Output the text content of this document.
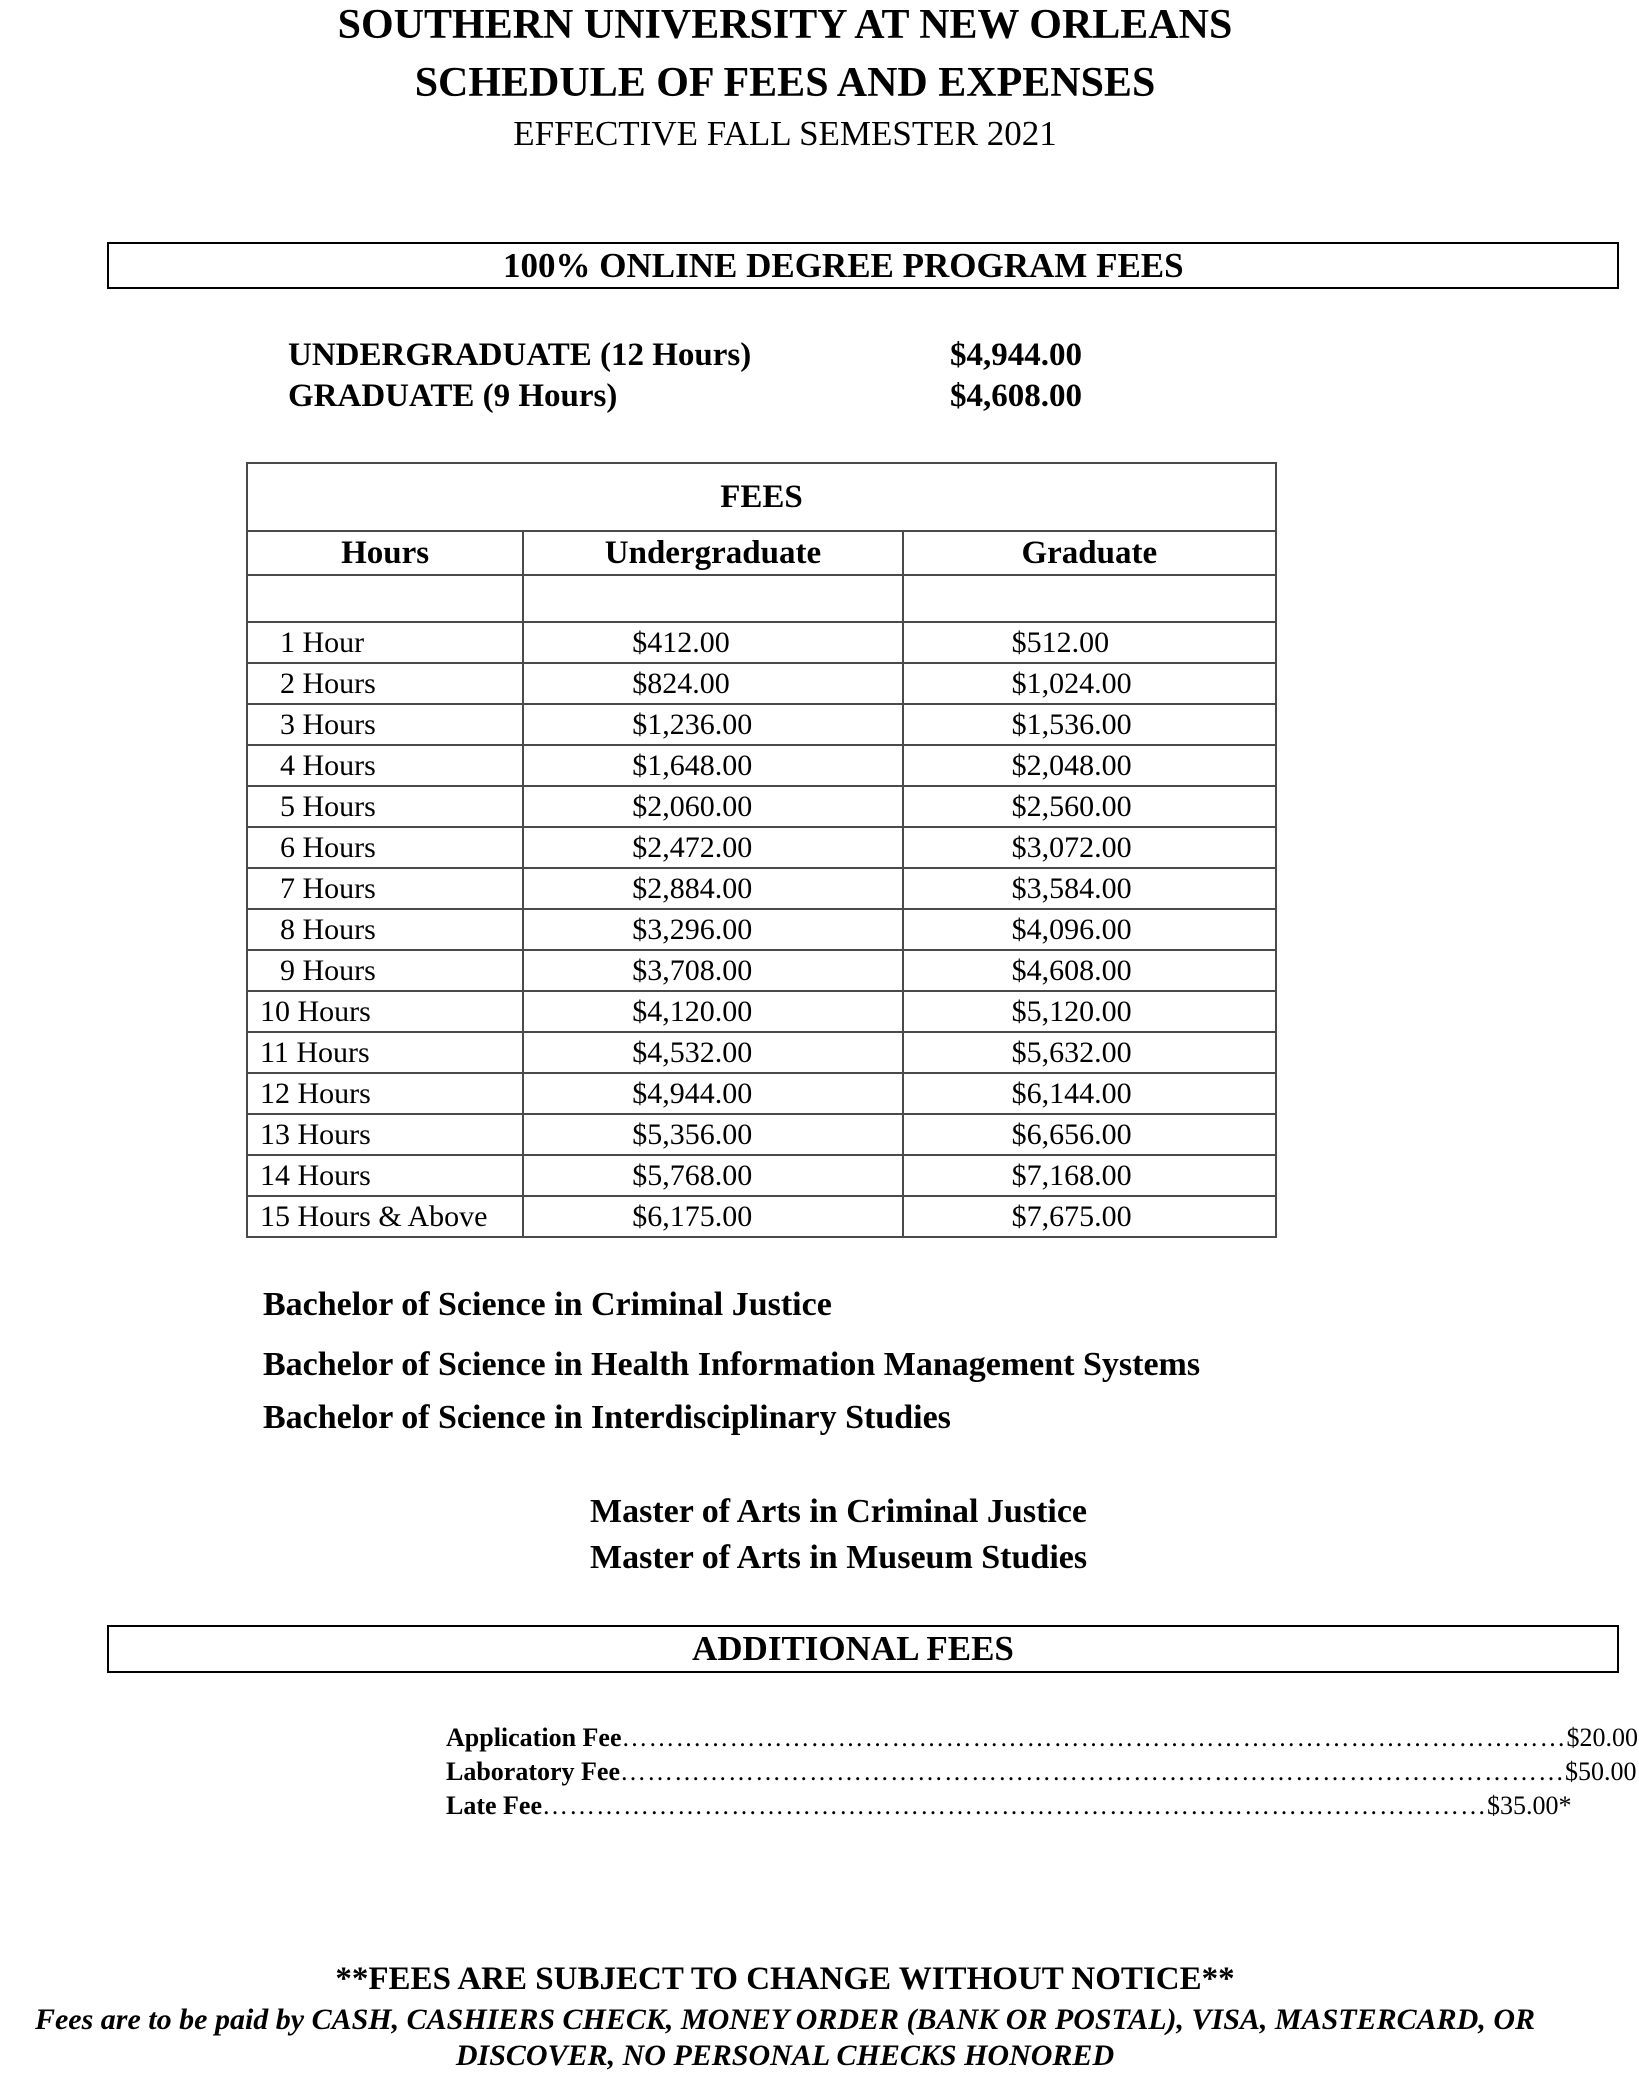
SOUTHERN UNIVERSITY AT NEW ORLEANS
SCHEDULE OF FEES AND EXPENSES
EFFECTIVE FALL SEMESTER 2021
100% ONLINE DEGREE PROGRAM FEES
UNDERGRADUATE (12 Hours)	$4,944.00
GRADUATE (9 Hours)	$4,608.00
FEES		
Hours	Undergraduate	Graduate

1 Hour	$412.00	$512.00
2 Hours	$824.00	$1,024.00
3 Hours	$1,236.00	$1,536.00
4 Hours	$1,648.00	$2,048.00
5 Hours	$2,060.00	$2,560.00
6 Hours	$2,472.00	$3,072.00
7 Hours	$2,884.00	$3,584.00
8 Hours	$3,296.00	$4,096.00
9 Hours	$3,708.00	$4,608.00
10 Hours	$4,120.00	$5,120.00
11 Hours	$4,532.00	$5,632.00
12 Hours	$4,944.00	$6,144.00
13 Hours	$5,356.00	$6,656.00
14 Hours	$5,768.00	$7,168.00
15 Hours & Above	$6,175.00	$7,675.00
Bachelor of Science in Criminal Justice
Bachelor of Science in Health Information Management Systems
Bachelor of Science in Interdisciplinary Studies
Master of Arts in Criminal Justice
Master of Arts in Museum Studies
ADDITIONAL FEES
Application Fee …………………………………………………………………………………………… $20.00
Laboratory Fee …………………………………………………………………………………………… $50.00
Late Fee …………………………………………………………………………………………… $35.00*
**FEES ARE SUBJECT TO CHANGE WITHOUT NOTICE**
Fees are to be paid by CASH, CASHIERS CHECK, MONEY ORDER (BANK OR POSTAL), VISA, MASTERCARD, OR
DISCOVER, NO PERSONAL CHECKS HONORED
